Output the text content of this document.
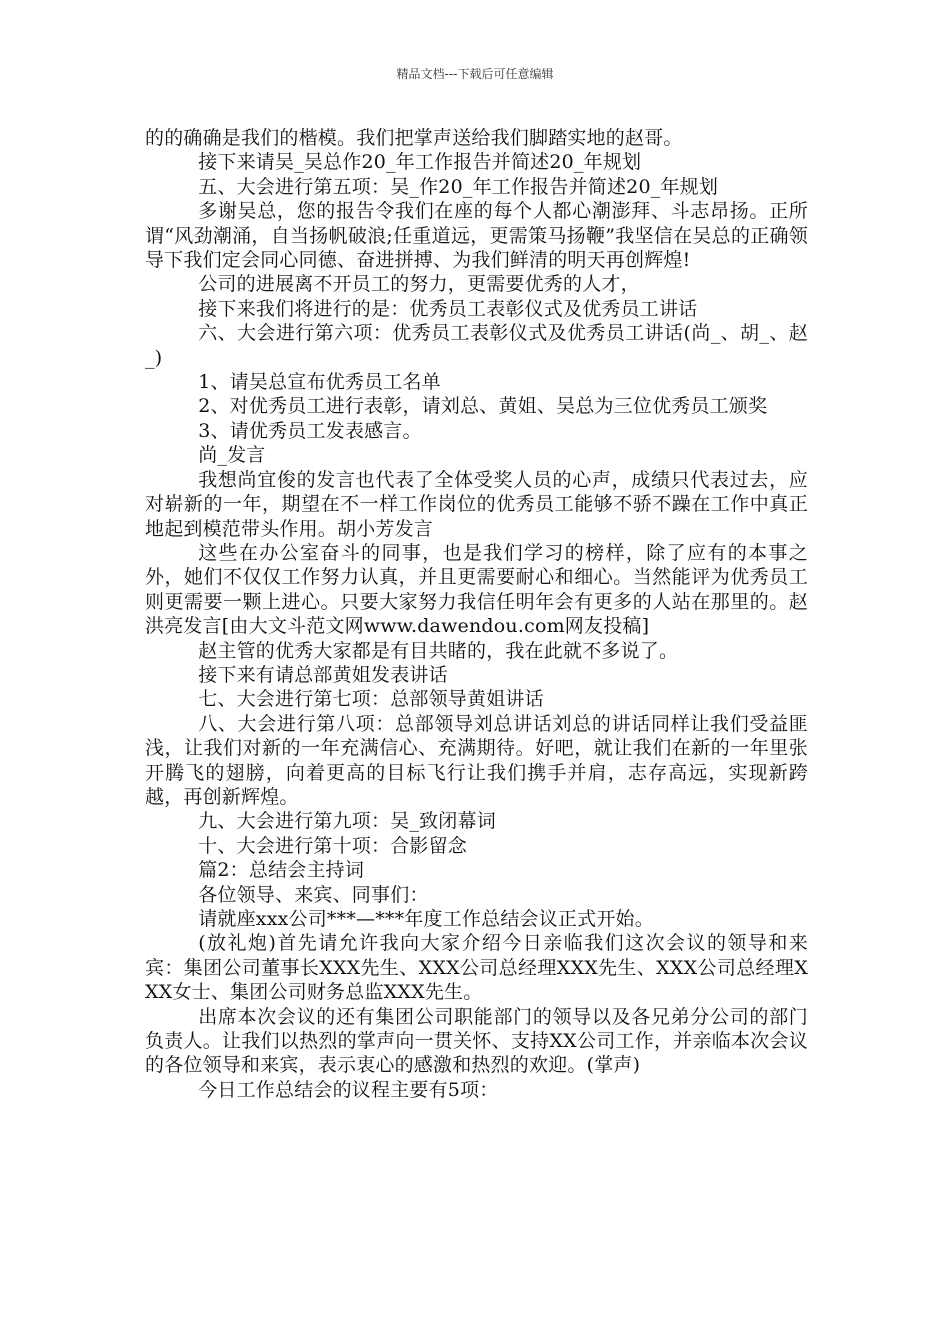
精品文档---下载后可任意编辑

的的确确是我们的楷模。我们把掌声送给我们脚踏实地的赵哥。

接下来请吴_吴总作20_年工作报告并简述20_年规划

五、大会进行第五项：吴_作20_年工作报告并简述20_年规划

多谢吴总，您的报告令我们在座的每个人都心潮澎拜、斗志昂扬。正所谓“风劲潮涌，自当扬帆破浪;任重道远，更需策马扬鞭”我坚信在吴总的正确领导下我们定会同心同德、奋进拼搏、为我们鲜清的明天再创辉煌!

公司的进展离不开员工的努力，更需要优秀的人才，

接下来我们将进行的是：优秀员工表彰仪式及优秀员工讲话

六、大会进行第六项：优秀员工表彰仪式及优秀员工讲话(尚_、胡_、赵_)

1、请吴总宣布优秀员工名单

2、对优秀员工进行表彰，请刘总、黄姐、吴总为三位优秀员工颁奖

3、请优秀员工发表感言。

尚_发言

我想尚宜俊的发言也代表了全体受奖人员的心声，成绩只代表过去，应对崭新的一年，期望在不一样工作岗位的优秀员工能够不骄不躁在工作中真正地起到模范带头作用。胡小芳发言

这些在办公室奋斗的同事，也是我们学习的榜样，除了应有的本事之外，她们不仅仅工作努力认真，并且更需要耐心和细心。当然能评为优秀员工则更需要一颗上进心。只要大家努力我信任明年会有更多的人站在那里的。赵洪亮发言[由大文斗范文网www.dawendou.com网友投稿]

赵主管的优秀大家都是有目共睹的，我在此就不多说了。

接下来有请总部黄姐发表讲话

七、大会进行第七项：总部领导黄姐讲话

八、大会进行第八项：总部领导刘总讲话刘总的讲话同样让我们受益匪浅，让我们对新的一年充满信心、充满期待。好吧，就让我们在新的一年里张开腾飞的翅膀，向着更高的目标飞行让我们携手并肩，志存高远，实现新跨越，再创新辉煌。

九、大会进行第九项：吴_致闭幕词

十、大会进行第十项：合影留念

篇2：总结会主持词

各位领导、来宾、同事们：

请就座xxx公司***—***年度工作总结会议正式开始。

(放礼炮)首先请允许我向大家介绍今日亲临我们这次会议的领导和来宾：集团公司董事长XXX先生、XXX公司总经理XXX先生、XXX公司总经理XXX女士、集团公司财务总监XXX先生。

出席本次会议的还有集团公司职能部门的领导以及各兄弟分公司的部门负责人。让我们以热烈的掌声向一贯关怀、支持XX公司工作，并亲临本次会议的各位领导和来宾，表示衷心的感激和热烈的欢迎。(掌声)

今日工作总结会的议程主要有5项：
